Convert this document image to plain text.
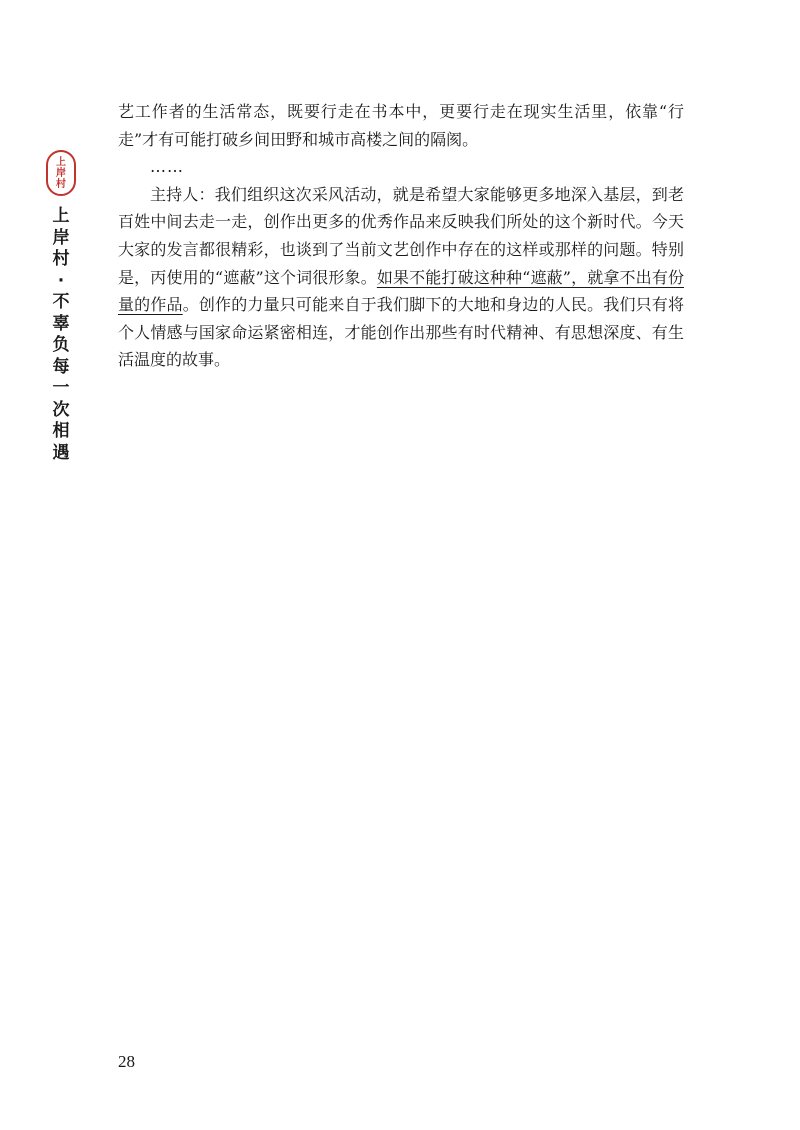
上
岸
村
上
岸
村
·
不
辜
负
每
一
次
相
遇

艺工作者的生活常态，既要行走在书本中，更要行走在现实生活里，依靠“行走”才有可能打破乡间田野和城市高楼之间的隔阂。

……

主持人：我们组织这次采风活动，就是希望大家能够更多地深入基层，到老百姓中间去走一走，创作出更多的优秀作品来反映我们所处的这个新时代。今天大家的发言都很精彩，也谈到了当前文艺创作中存在的这样或那样的问题。特别是，丙使用的“遮蔽”这个词很形象。如果不能打破这种种“遮蔽”，就拿不出有份量的作品。创作的力量只可能来自于我们脚下的大地和身边的人民。我们只有将个人情感与国家命运紧密相连，才能创作出那些有时代精神、有思想深度、有生活温度的故事。

28
